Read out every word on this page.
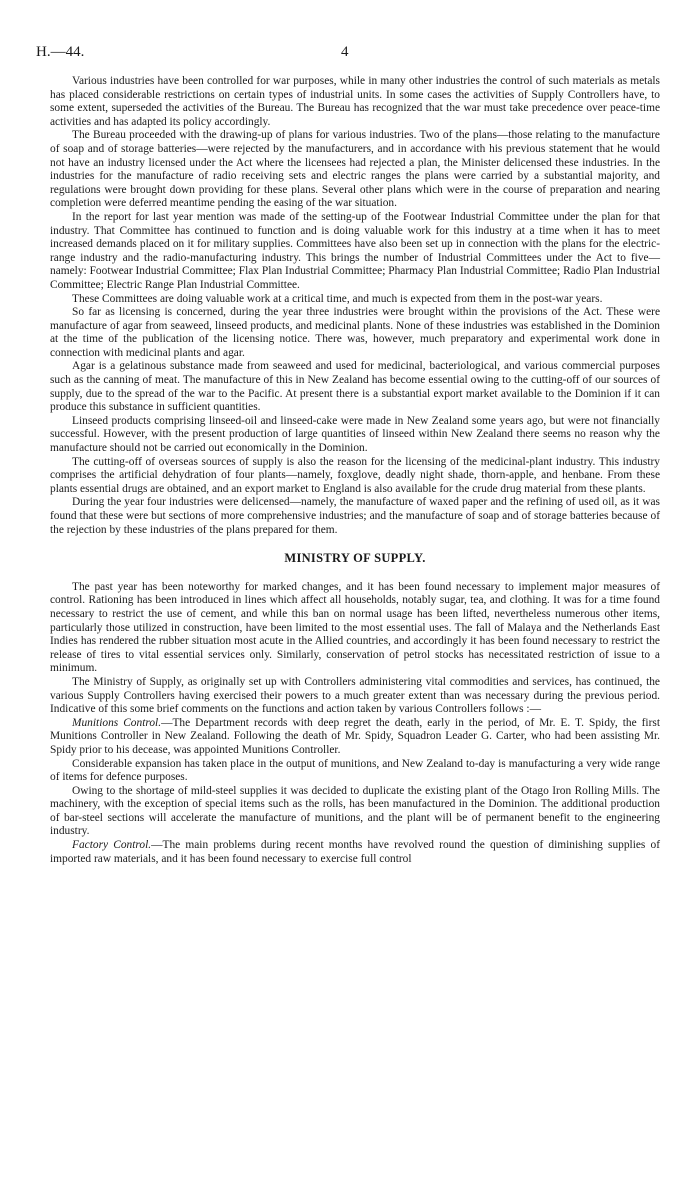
H.—44.	4

Various industries have been controlled for war purposes, while in many other industries the control of such materials as metals has placed considerable restrictions on certain types of industrial units. In some cases the activities of Supply Controllers have, to some extent, superseded the activities of the Bureau. The Bureau has recognized that the war must take precedence over peace-time activities and has adapted its policy accordingly.

The Bureau proceeded with the drawing-up of plans for various industries. Two of the plans—those relating to the manufacture of soap and of storage batteries—were rejected by the manufacturers, and in accordance with his previous statement that he would not have an industry licensed under the Act where the licensees had rejected a plan, the Minister delicensed these industries. In the industries for the manufacture of radio receiving sets and electric ranges the plans were carried by a substantial majority, and regulations were brought down providing for these plans. Several other plans which were in the course of preparation and nearing completion were deferred meantime pending the easing of the war situation.

In the report for last year mention was made of the setting-up of the Footwear Industrial Committee under the plan for that industry. That Committee has continued to function and is doing valuable work for this industry at a time when it has to meet increased demands placed on it for military supplies. Committees have also been set up in connection with the plans for the electric-range industry and the radio-manufacturing industry. This brings the number of Industrial Committees under the Act to five—namely: Footwear Industrial Committee; Flax Plan Industrial Committee; Pharmacy Plan Industrial Committee; Radio Plan Industrial Committee; Electric Range Plan Industrial Committee.

These Committees are doing valuable work at a critical time, and much is expected from them in the post-war years.

So far as licensing is concerned, during the year three industries were brought within the provisions of the Act. These were manufacture of agar from seaweed, linseed products, and medicinal plants. None of these industries was established in the Dominion at the time of the publication of the licensing notice. There was, however, much preparatory and experimental work done in connection with medicinal plants and agar.

Agar is a gelatinous substance made from seaweed and used for medicinal, bacteriological, and various commercial purposes such as the canning of meat. The manufacture of this in New Zealand has become essential owing to the cutting-off of our sources of supply, due to the spread of the war to the Pacific. At present there is a substantial export market available to the Dominion if it can produce this substance in sufficient quantities.

Linseed products comprising linseed-oil and linseed-cake were made in New Zealand some years ago, but were not financially successful. However, with the present production of large quantities of linseed within New Zealand there seems no reason why the manufacture should not be carried out economically in the Dominion.

The cutting-off of overseas sources of supply is also the reason for the licensing of the medicinal-plant industry. This industry comprises the artificial dehydration of four plants—namely, foxglove, deadly night shade, thorn-apple, and henbane. From these plants essential drugs are obtained, and an export market to England is also available for the crude drug material from these plants.

During the year four industries were delicensed—namely, the manufacture of waxed paper and the refining of used oil, as it was found that these were but sections of more comprehensive industries; and the manufacture of soap and of storage batteries because of the rejection by these industries of the plans prepared for them.

MINISTRY OF SUPPLY.

The past year has been noteworthy for marked changes, and it has been found necessary to implement major measures of control. Rationing has been introduced in lines which affect all households, notably sugar, tea, and clothing. It was for a time found necessary to restrict the use of cement, and while this ban on normal usage has been lifted, nevertheless numerous other items, particularly those utilized in construction, have been limited to the most essential uses. The fall of Malaya and the Netherlands East Indies has rendered the rubber situation most acute in the Allied countries, and accordingly it has been found necessary to restrict the release of tires to vital essential services only. Similarly, conservation of petrol stocks has necessitated restriction of issue to a minimum.

The Ministry of Supply, as originally set up with Controllers administering vital commodities and services, has continued, the various Supply Controllers having exercised their powers to a much greater extent than was necessary during the previous period. Indicative of this some brief comments on the functions and action taken by various Controllers follows :—

Munitions Control.—The Department records with deep regret the death, early in the period, of Mr. E. T. Spidy, the first Munitions Controller in New Zealand. Following the death of Mr. Spidy, Squadron Leader G. Carter, who had been assisting Mr. Spidy prior to his decease, was appointed Munitions Controller.

Considerable expansion has taken place in the output of munitions, and New Zealand to-day is manufacturing a very wide range of items for defence purposes.

Owing to the shortage of mild-steel supplies it was decided to duplicate the existing plant of the Otago Iron Rolling Mills. The machinery, with the exception of special items such as the rolls, has been manufactured in the Dominion. The additional production of bar-steel sections will accelerate the manufacture of munitions, and the plant will be of permanent benefit to the engineering industry.

Factory Control.—The main problems during recent months have revolved round the question of diminishing supplies of imported raw materials, and it has been found necessary to exercise full control
